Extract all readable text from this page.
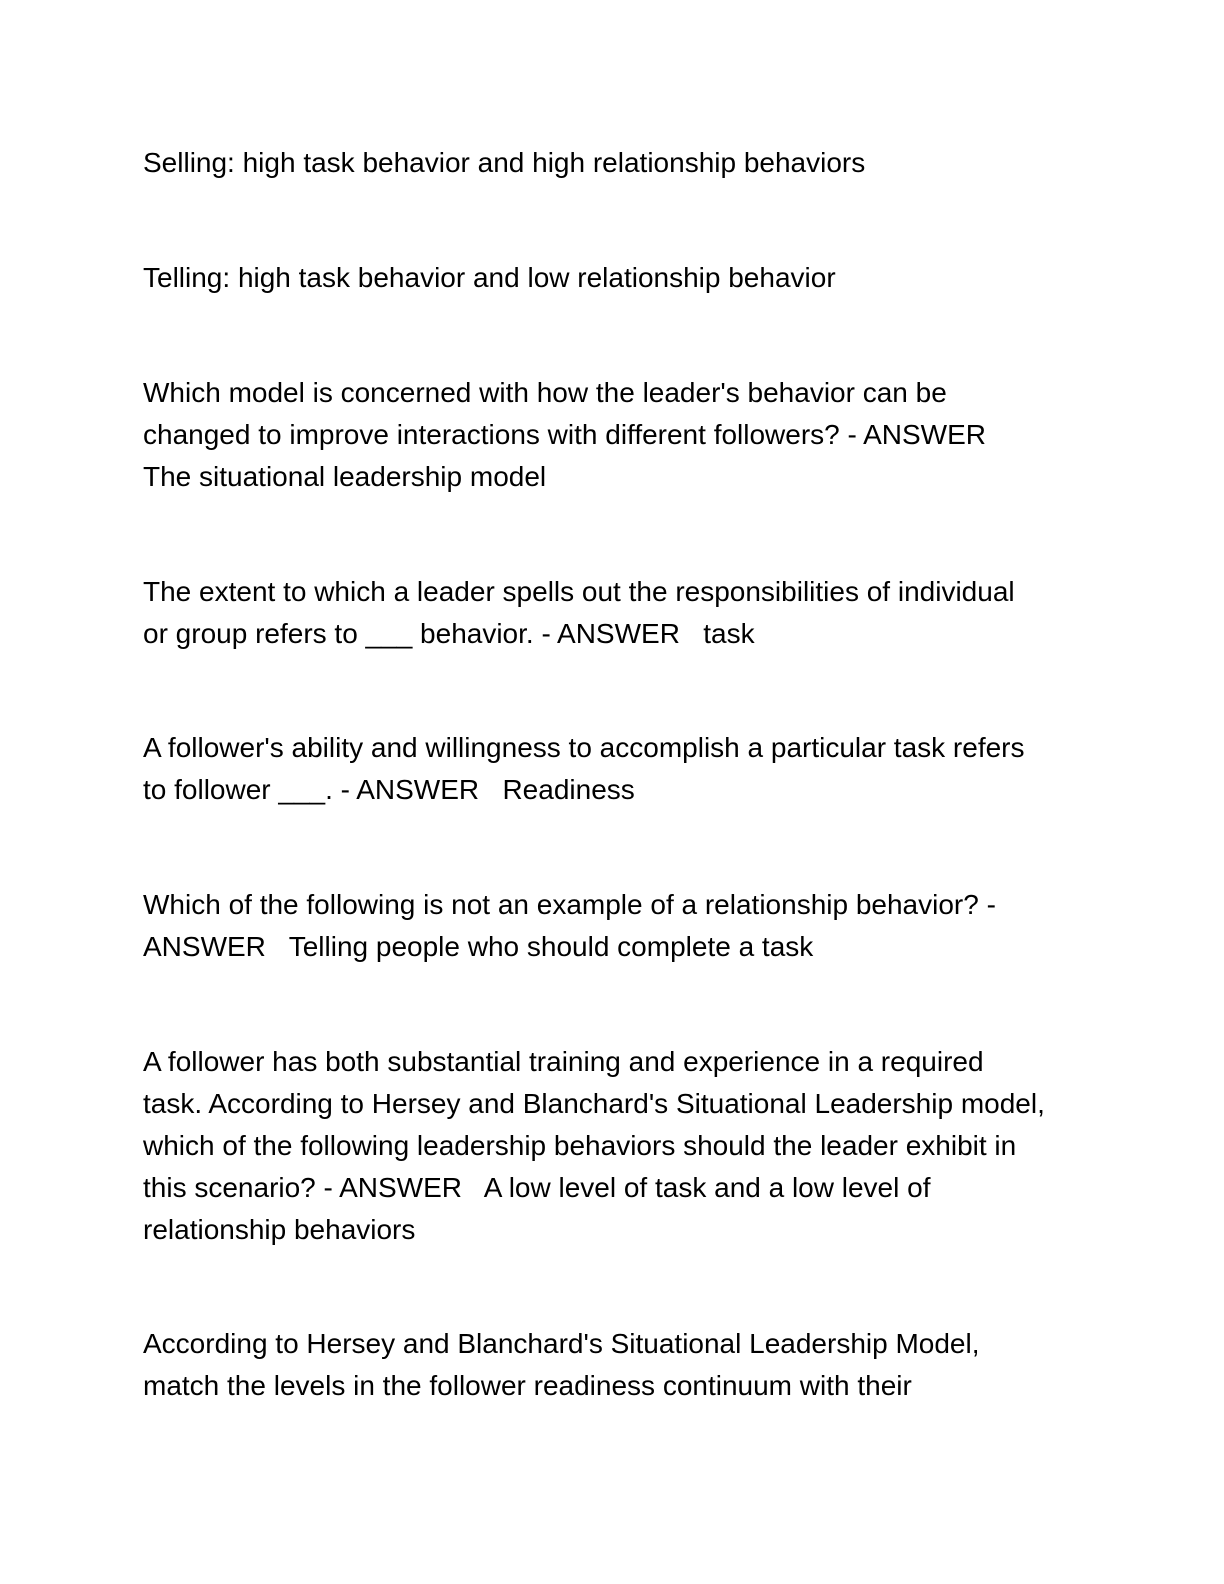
Selling: high task behavior and high relationship behaviors

Telling: high task behavior and low relationship behavior

Which model is concerned with how the leader's behavior can be
changed to improve interactions with different followers? - ANSWER
The situational leadership model

The extent to which a leader spells out the responsibilities of individual
or group refers to ___ behavior. - ANSWER   task

A follower's ability and willingness to accomplish a particular task refers
to follower ___. - ANSWER   Readiness

Which of the following is not an example of a relationship behavior? -
ANSWER   Telling people who should complete a task

A follower has both substantial training and experience in a required
task. According to Hersey and Blanchard's Situational Leadership model,
which of the following leadership behaviors should the leader exhibit in
this scenario? - ANSWER   A low level of task and a low level of
relationship behaviors

According to Hersey and Blanchard's Situational Leadership Model,
match the levels in the follower readiness continuum with their
